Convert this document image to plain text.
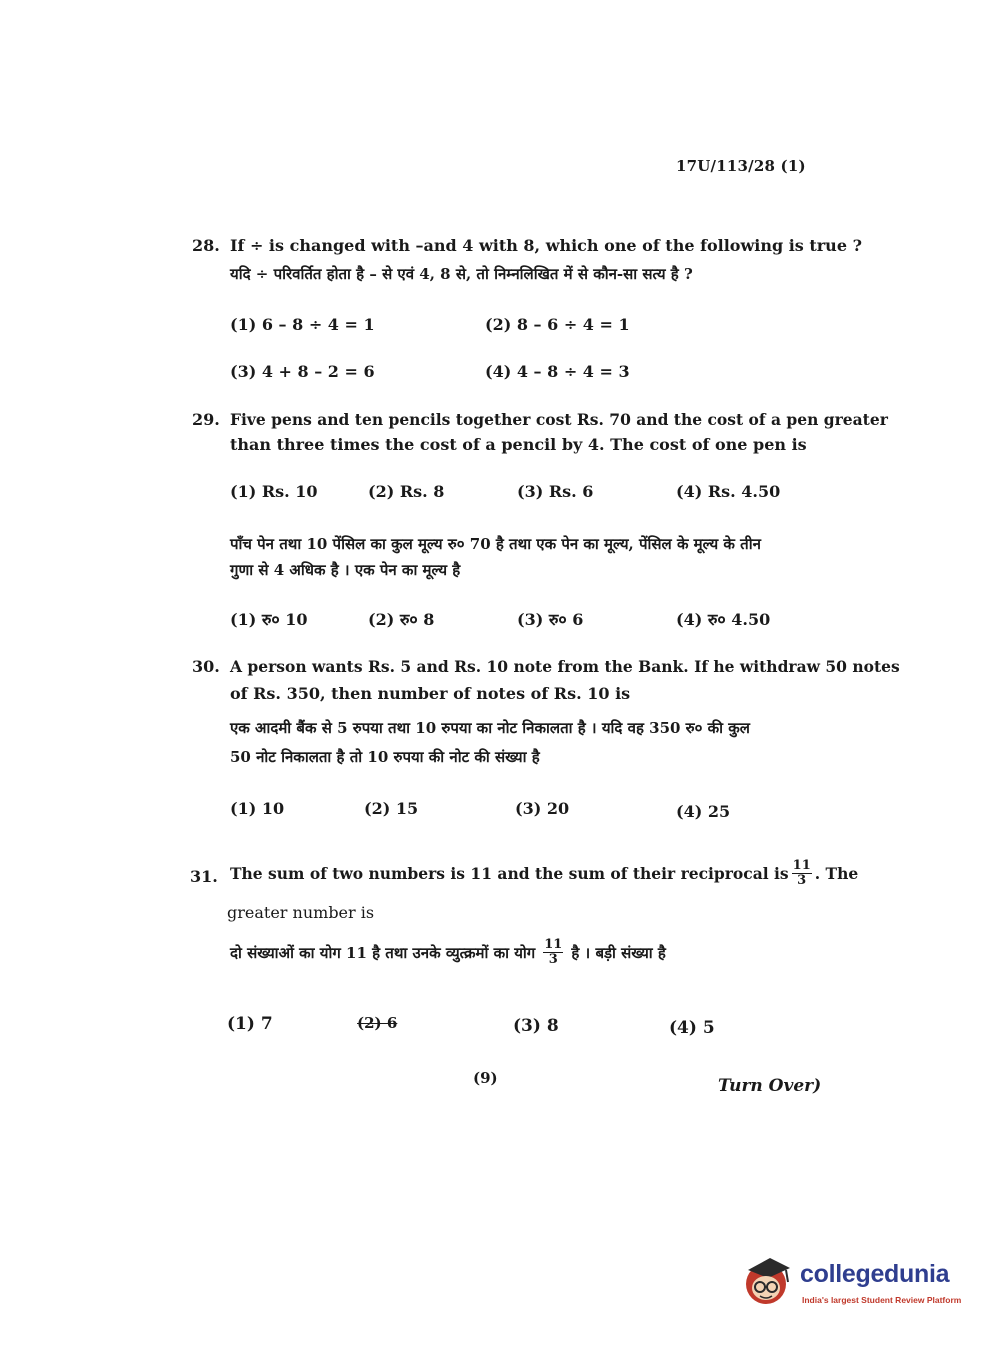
17U/113/28 (1)
28. If ÷ is changed with –and 4 with 8, which one of the following is true ?
यदि ÷ परिवर्तित होता है – से एवं 4, 8 से, तो निम्नलिखित में से कौन-सा सत्य है ?
(1) 6 – 8 ÷ 4 = 1	(2) 8 – 6 ÷ 4 = 1
(3) 4 + 8 – 2 = 6	(4) 4 – 8 ÷ 4 = 3
29. Five pens and ten pencils together cost Rs. 70 and the cost of a pen greater
than three times the cost of a pencil by 4. The cost of one pen is
(1) Rs. 10	(2) Rs. 8	(3) Rs. 6	(4) Rs. 4.50
पाँच पेन तथा 10 पेंसिल का कुल मूल्य रु० 70 है तथा एक पेन का मूल्य, पेंसिल के मूल्य के तीन
गुणा से 4 अधिक है । एक पेन का मूल्य है
(1) रु० 10	(2) रु० 8	(3) रु० 6	(4) रु० 4.50
30. A person wants Rs. 5 and Rs. 10 note from the Bank. If he withdraw 50 notes
of Rs. 350, then number of notes of Rs. 10 is
एक आदमी बैंक से 5 रुपया तथा 10 रुपया का नोट निकालता है । यदि वह 350 रु० की कुल
50 नोट निकालता है तो 10 रुपया की नोट की संख्या है
(1) 10	(2) 15	(3) 20	(4) 25
31. The sum of two numbers is 11 and the sum of their reciprocal is $\frac{11}{3}$ . The
greater number is
दो संख्याओं का योग 11 है तथा उनके व्युत्क्रमों का योग $\frac{11}{3}$ है । बड़ी संख्या है
(1) 7	(2) 6	(3) 8	(4) 5
(9)	Turn Over)
collegedunia
India's largest Student Review Platform
